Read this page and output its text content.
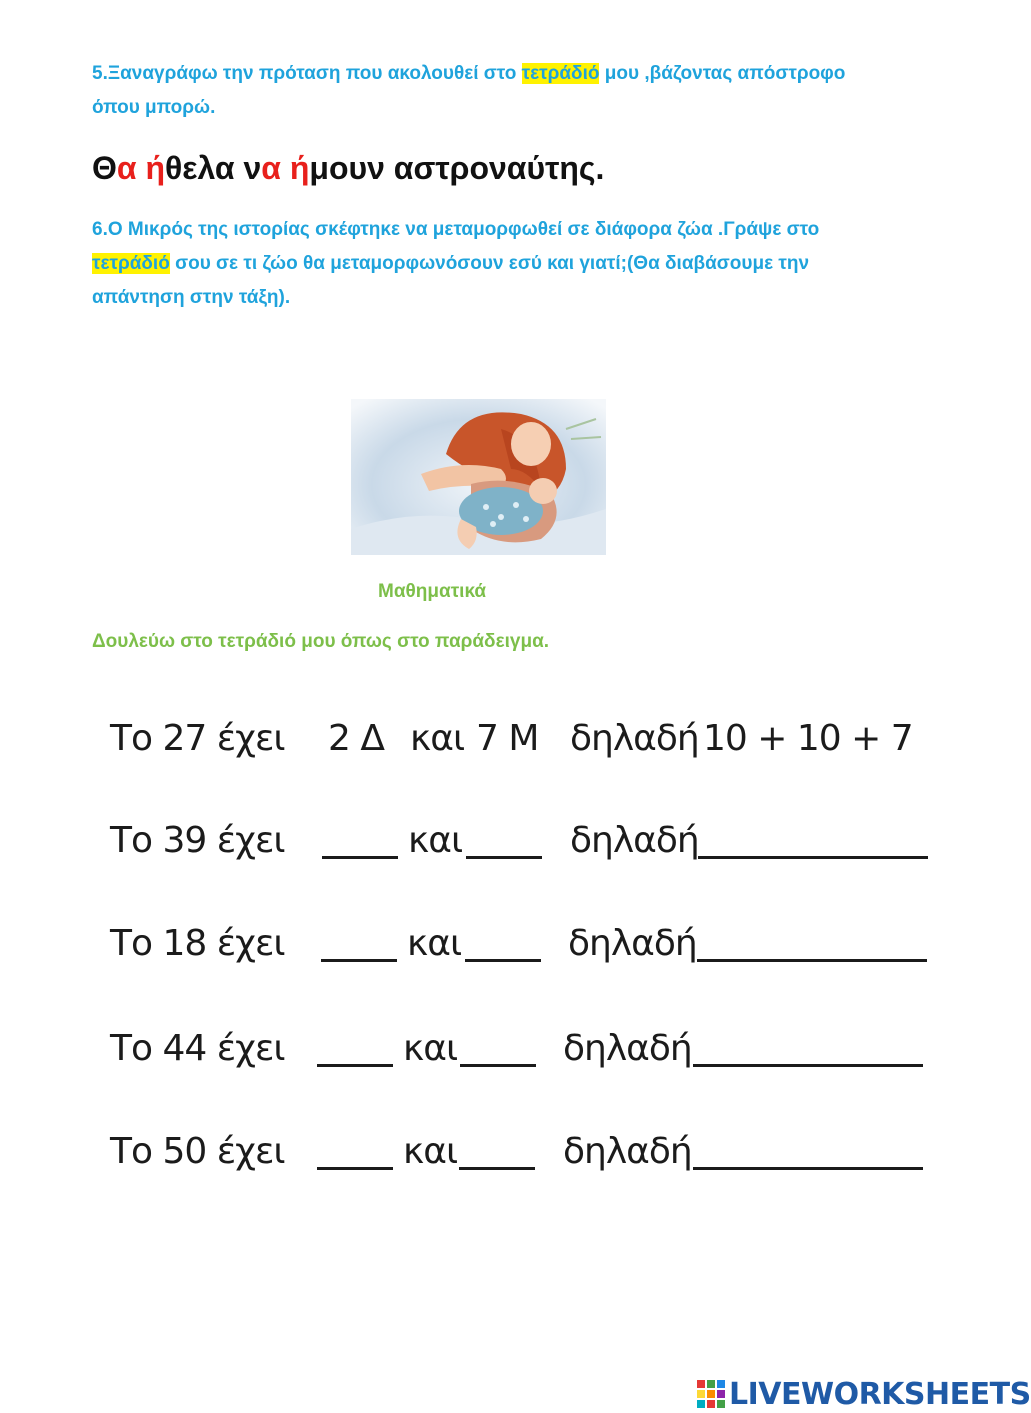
5.Ξαναγράφω την πρόταση που ακολουθεί στο τετράδιό μου ,βάζοντας απόστροφο
όπου μπορώ.
Θα ήθελα να ήμουν αστροναύτης.
6.Ο Μικρός της ιστορίας σκέφτηκε να μεταμορφωθεί σε διάφορα ζώα .Γράψε στο
τετράδιό σου σε τι ζώο θα μεταμορφωνόσουν εσύ και γιατί;(Θα διαβάσουμε την
απάντηση στην τάξη).
Μαθηματικά
Δουλεύω στο τετράδιό μου όπως στο παράδειγμα.
Το 27 έχει 2 Δ και 7 Μ δηλαδή 10 + 10 + 7
Το 39 έχει	και	δηλαδή
Το 18 έχει	και	δηλαδή
Το 44 έχει	και	δηλαδή
Το 50 έχει	και	δηλαδή
LIVEWORKSHEETS
